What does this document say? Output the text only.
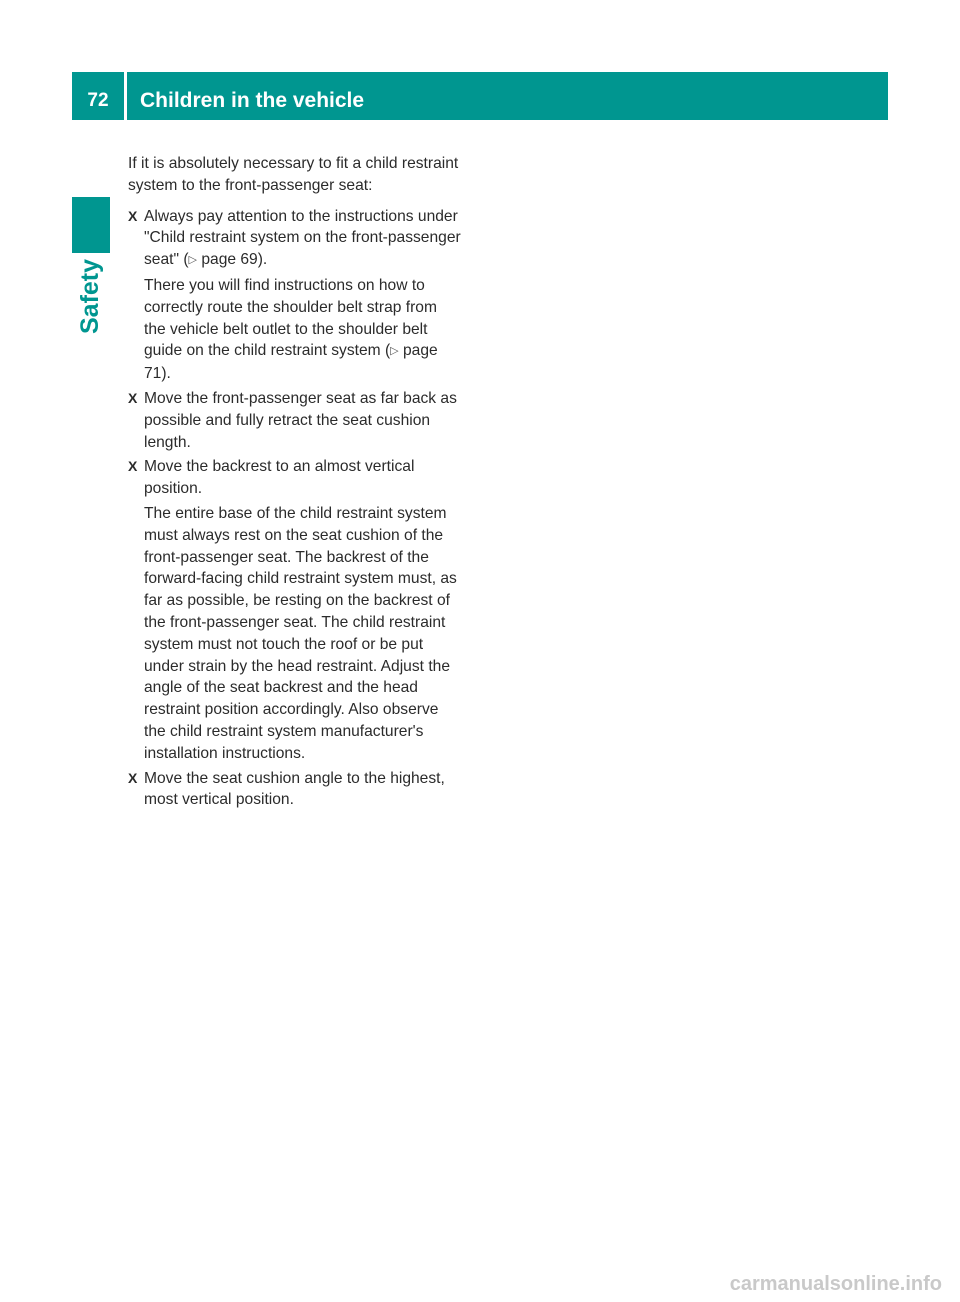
72	Children in the vehicle
Safety

If it is absolutely necessary to fit a child restraint system to the front-passenger seat:

X Always pay attention to the instructions under "Child restraint system on the front-passenger seat" (▷ page 69).

There you will find instructions on how to correctly route the shoulder belt strap from the vehicle belt outlet to the shoulder belt guide on the child restraint system (▷ page 71).

X Move the front-passenger seat as far back as possible and fully retract the seat cushion length.

X Move the backrest to an almost vertical position.

The entire base of the child restraint system must always rest on the seat cushion of the front-passenger seat. The backrest of the forward-facing child restraint system must, as far as possible, be resting on the backrest of the front-passenger seat. The child restraint system must not touch the roof or be put under strain by the head restraint. Adjust the angle of the seat backrest and the head restraint position accordingly. Also observe the child restraint system manufacturer's installation instructions.

X Move the seat cushion angle to the highest, most vertical position.

carmanualsonline.info
